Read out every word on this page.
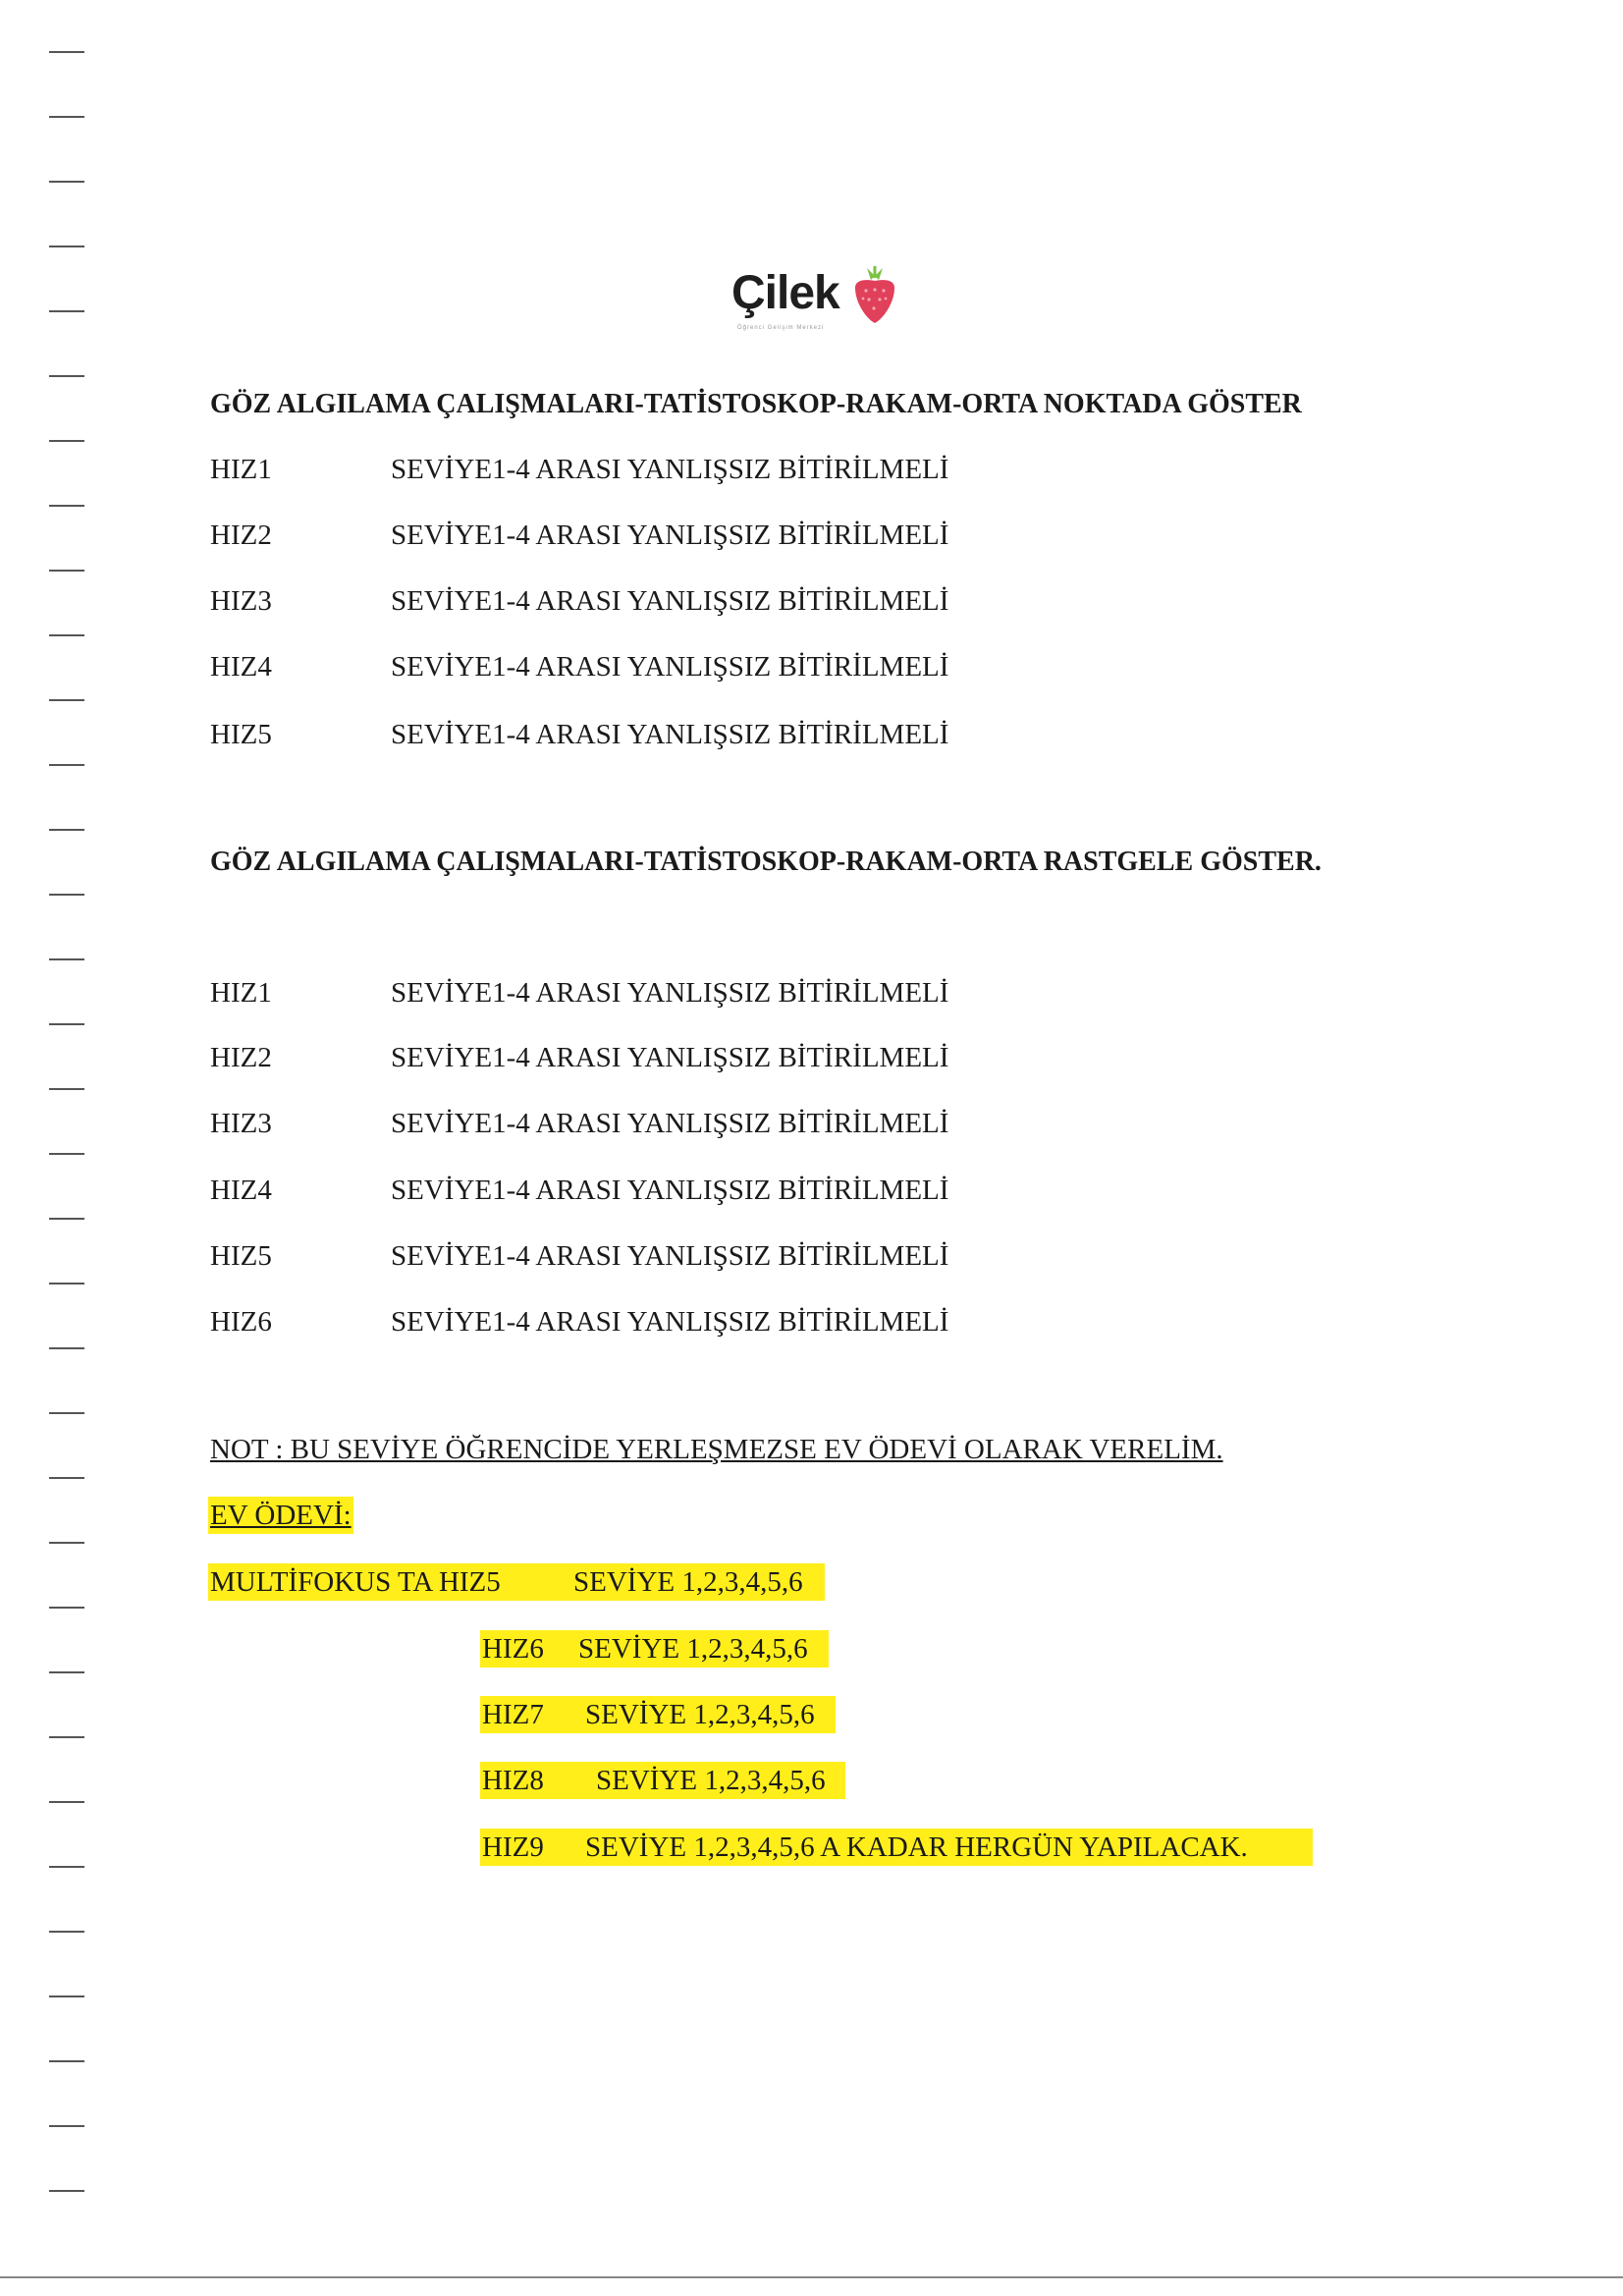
Çilek
Öğrenci Gelişim Merkezi
GÖZ ALGILAMA ÇALIŞMALARI-TATİSTOSKOP-RAKAM-ORTA NOKTADA GÖSTER
HIZ1	SEVİYE1-4 ARASI YANLIŞSIZ BİTİRİLMELİ
HIZ2	SEVİYE1-4 ARASI YANLIŞSIZ BİTİRİLMELİ
HIZ3	SEVİYE1-4 ARASI YANLIŞSIZ BİTİRİLMELİ
HIZ4	SEVİYE1-4 ARASI YANLIŞSIZ BİTİRİLMELİ
HIZ5	SEVİYE1-4 ARASI YANLIŞSIZ BİTİRİLMELİ
GÖZ ALGILAMA ÇALIŞMALARI-TATİSTOSKOP-RAKAM-ORTA RASTGELE GÖSTER.
HIZ1	SEVİYE1-4 ARASI YANLIŞSIZ BİTİRİLMELİ
HIZ2	SEVİYE1-4 ARASI YANLIŞSIZ BİTİRİLMELİ
HIZ3	SEVİYE1-4 ARASI YANLIŞSIZ BİTİRİLMELİ
HIZ4	SEVİYE1-4 ARASI YANLIŞSIZ BİTİRİLMELİ
HIZ5	SEVİYE1-4 ARASI YANLIŞSIZ BİTİRİLMELİ
HIZ6	SEVİYE1-4 ARASI YANLIŞSIZ BİTİRİLMELİ
NOT : BU SEVİYE ÖĞRENCİDE YERLEŞMEZSE EV ÖDEVİ OLARAK VERELİM.
EV ÖDEVİ:
MULTİFOKUS TA HIZ5	SEVİYE 1,2,3,4,5,6
HIZ6 SEVİYE 1,2,3,4,5,6
HIZ7 SEVİYE 1,2,3,4,5,6
HIZ8 SEVİYE 1,2,3,4,5,6
HIZ9 SEVİYE 1,2,3,4,5,6 A KADAR HERGÜN YAPILACAK.
